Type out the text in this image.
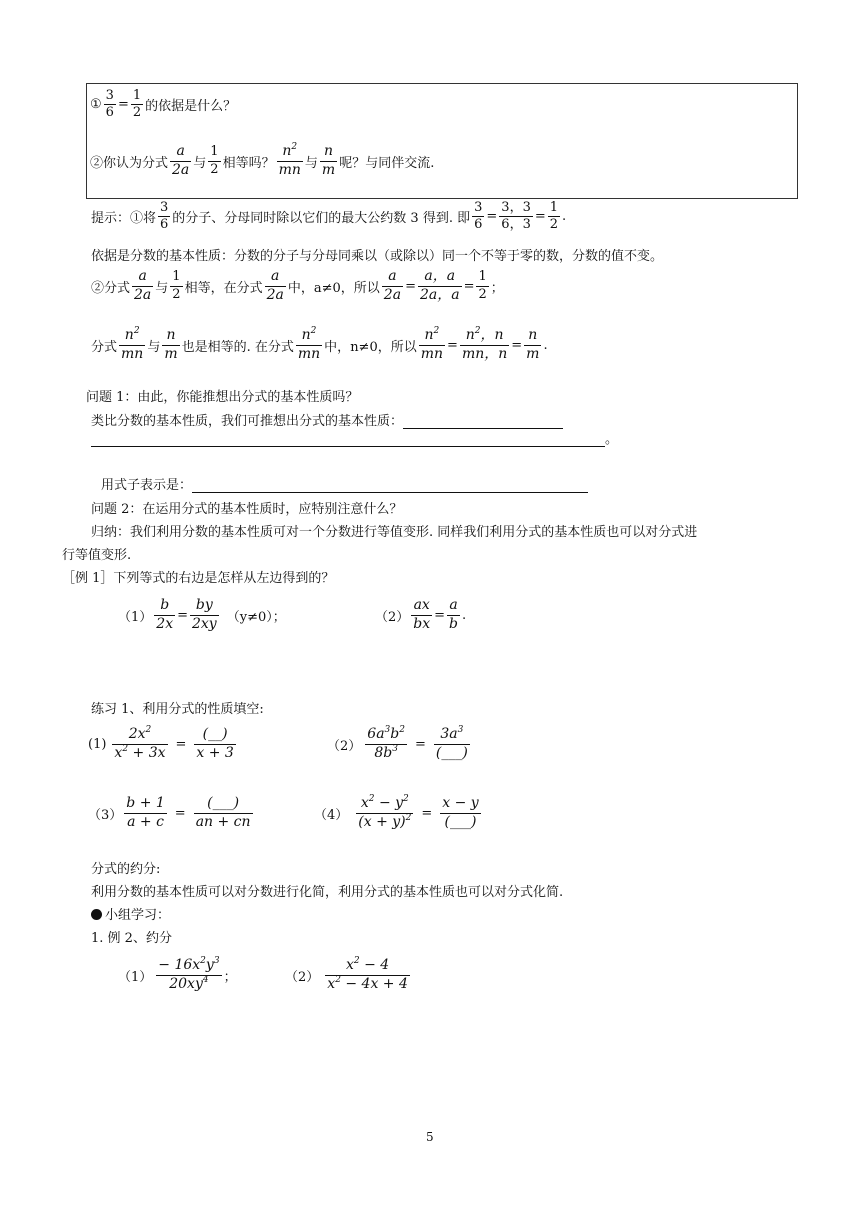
① $\frac{3}{6} = \frac{1}{2}$ 的依据是什么？
②你认为分式 $\frac{a}{2a}$ 与 $\frac{1}{2}$ 相等吗？ $\frac{n^2}{mn}$ 与 $\frac{n}{m}$ 呢？与同伴交流.
提示：①将 $\frac{3}{6}$ 的分子、分母同时除以它们的最大公约数 3 得到. 即 $\frac{3}{6} = \frac{3,3}{6,3} = \frac{1}{2}$ .
依据是分数的基本性质：分数的分子与分母同乘以（或除以）同一个不等于零的数，分数的值不变。
②分式 $\frac{a}{2a}$ 与 $\frac{1}{2}$ 相等，在分式 $\frac{a}{2a}$ 中， a≠0，所以 $\frac{a}{2a} = \frac{a,a}{2a,a} = \frac{1}{2}$ ；
分式 $\frac{n^2}{mn}$ 与 $\frac{n}{m}$ 也是相等的. 在分式 $\frac{n^2}{mn}$ 中， n≠0，所以 $\frac{n^2}{mn} = \frac{n^2,n}{mn,n} = \frac{n}{m}$ .
问题 1：由此，你能推想出分式的基本性质吗？
类比分数的基本性质，我们可推想出分式的基本性质：
。
用式子表示是：
问题 2：在运用分式的基本性质时，应特别注意什么？
归纳：我们利用分数的基本性质可对一个分数进行等值变形. 同样我们利用分式的基本性质也可以对分式进
行等值变形.
［例 1］下列等式的右边是怎样从左边得到的？
$(1) \frac{b}{2x} = \frac{by}{2xy} (y\ne 0)$；	$(2) \frac{ax}{bx} = \frac{a}{b}$ .
练习 1、利用分式的性质填空:
$(1) \frac{2x^2}{x^2 + 3x} = \frac{(\_\_)}{x + 3}$	$(2) \frac{6a^3b^2}{8b^3} = \frac{3a^3}{(\_\_\_)}$
$(3) \frac{b + 1}{a + c} = \frac{(\_\_\_)}{an + cn}$	$(4) \frac{x^2 - y^2}{(x + y)^2} = \frac{x - y}{(\_\_\_)}$
分式的约分:
利用分数的基本性质可以对分数进行化简，利用分式的基本性质也可以对分式化简.
小组学习：
1. 例 2、约分
$(1) \frac{- 16x^2y^3}{20xy^4}$ ；	$(2) \frac{x^2 - 4}{x^2 - 4x + 4}$
5
